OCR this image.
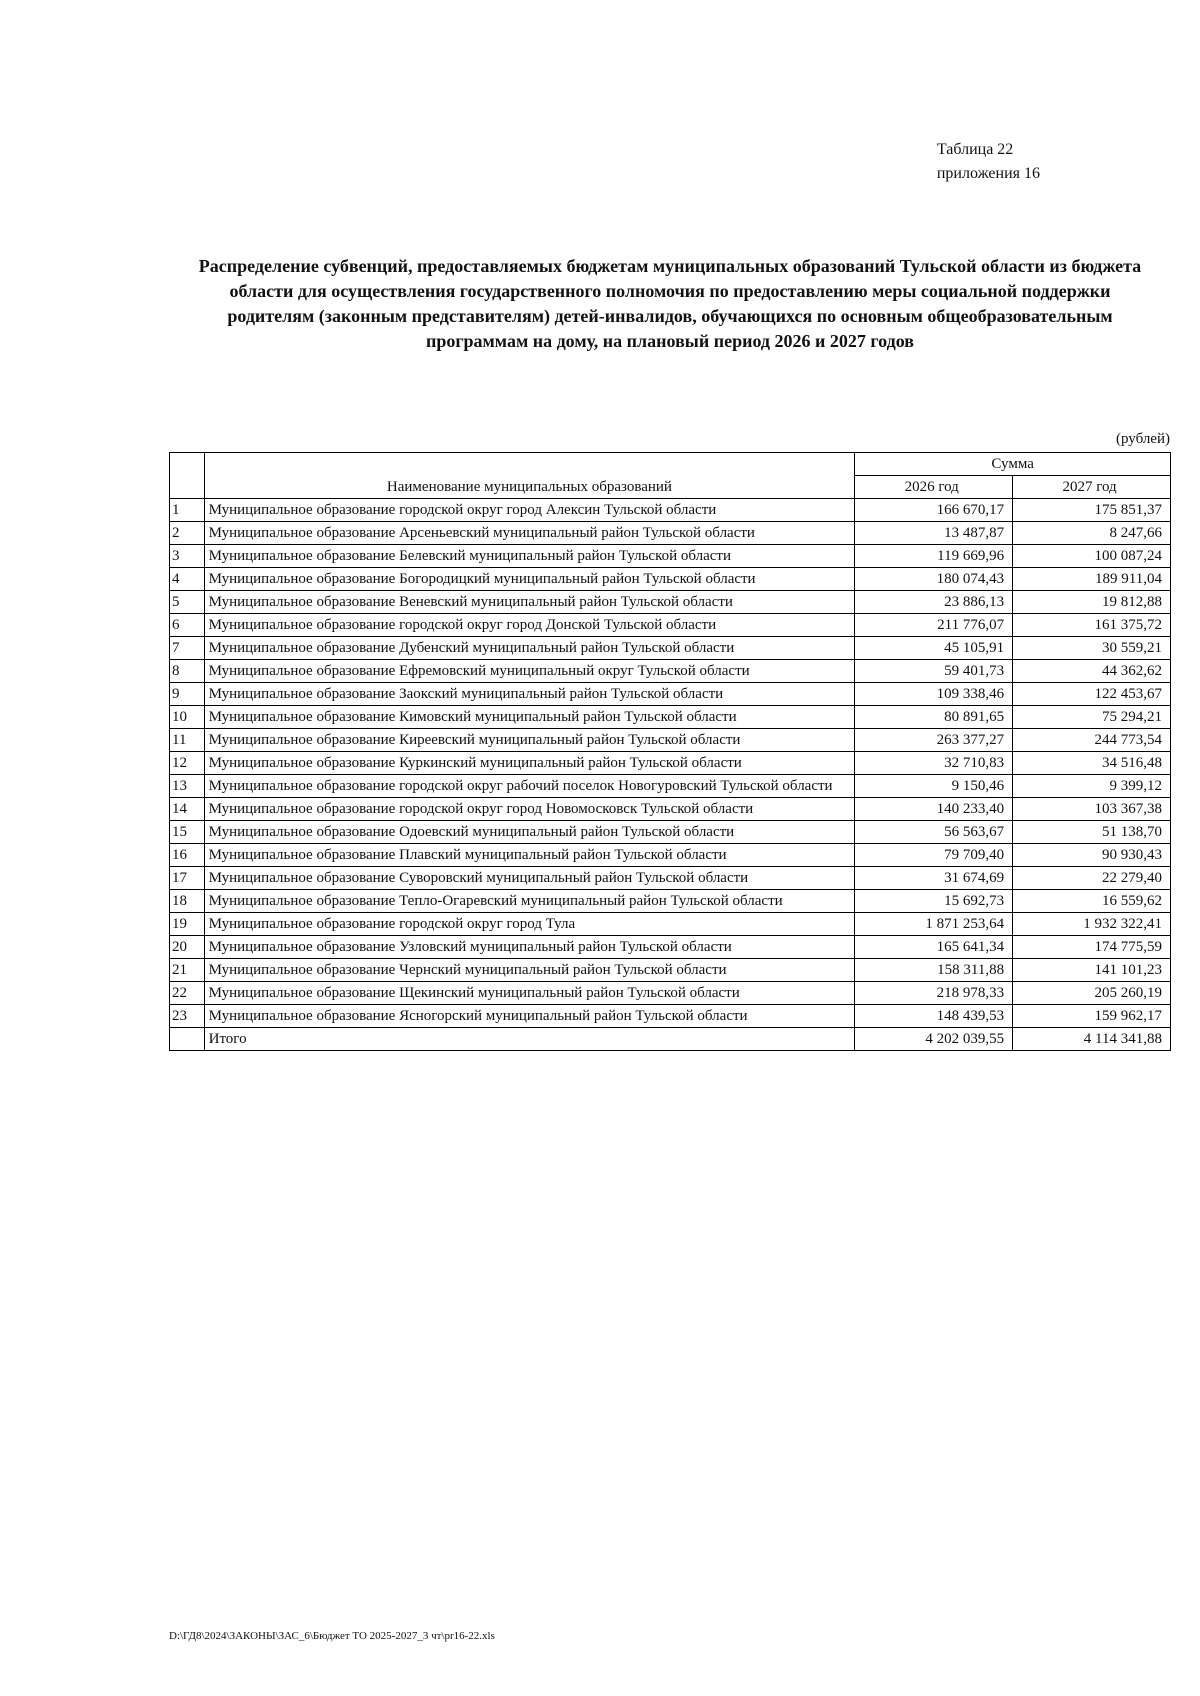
Таблица 22
приложения 16
Распределение субвенций, предоставляемых бюджетам муниципальных образований Тульской области из бюджета области для осуществления государственного полномочия по предоставлению меры социальной поддержки родителям (законным представителям) детей-инвалидов, обучающихся по основным общеобразовательным программам на дому, на плановый период 2026 и 2027 годов
(рублей)
	Наименование муниципальных образований	Сумма	
		2026 год	2027 год
1	Муниципальное образование городской округ город Алексин Тульской области	166 670,17	175 851,37
2	Муниципальное образование Арсеньевский муниципальный район Тульской области	13 487,87	8 247,66
3	Муниципальное образование Белевский муниципальный район Тульской области	119 669,96	100 087,24
4	Муниципальное образование Богородицкий муниципальный район Тульской области	180 074,43	189 911,04
5	Муниципальное образование Веневский муниципальный район Тульской области	23 886,13	19 812,88
6	Муниципальное образование городской округ город Донской Тульской области	211 776,07	161 375,72
7	Муниципальное образование Дубенский муниципальный район Тульской области	45 105,91	30 559,21
8	Муниципальное образование Ефремовский муниципальный округ Тульской области	59 401,73	44 362,62
9	Муниципальное образование Заокский муниципальный район Тульской области	109 338,46	122 453,67
10	Муниципальное образование Кимовский муниципальный район Тульской области	80 891,65	75 294,21
11	Муниципальное образование Киреевский муниципальный район Тульской области	263 377,27	244 773,54
12	Муниципальное образование Куркинский муниципальный район Тульской области	32 710,83	34 516,48
13	Муниципальное образование городской округ рабочий поселок Новогуровский Тульской области	9 150,46	9 399,12
14	Муниципальное образование городской округ город Новомосковск Тульской области	140 233,40	103 367,38
15	Муниципальное образование Одоевский муниципальный район Тульской области	56 563,67	51 138,70
16	Муниципальное образование Плавский муниципальный район Тульской области	79 709,40	90 930,43
17	Муниципальное образование Суворовский муниципальный район Тульской области	31 674,69	22 279,40
18	Муниципальное образование Тепло-Огаревский муниципальный район Тульской области	15 692,73	16 559,62
19	Муниципальное образование городской округ город Тула	1 871 253,64	1 932 322,41
20	Муниципальное образование Узловский муниципальный район Тульской области	165 641,34	174 775,59
21	Муниципальное образование Чернский муниципальный район Тульской области	158 311,88	141 101,23
22	Муниципальное образование Щекинский муниципальный район Тульской области	218 978,33	205 260,19
23	Муниципальное образование Ясногорский муниципальный район Тульской области	148 439,53	159 962,17
	Итого	4 202 039,55	4 114 341,88
D:\ГД8\2024\ЗАКОНЫ\ЗАС_6\Бюджет ТО 2025-2027_3 чт\pr16-22.xls
